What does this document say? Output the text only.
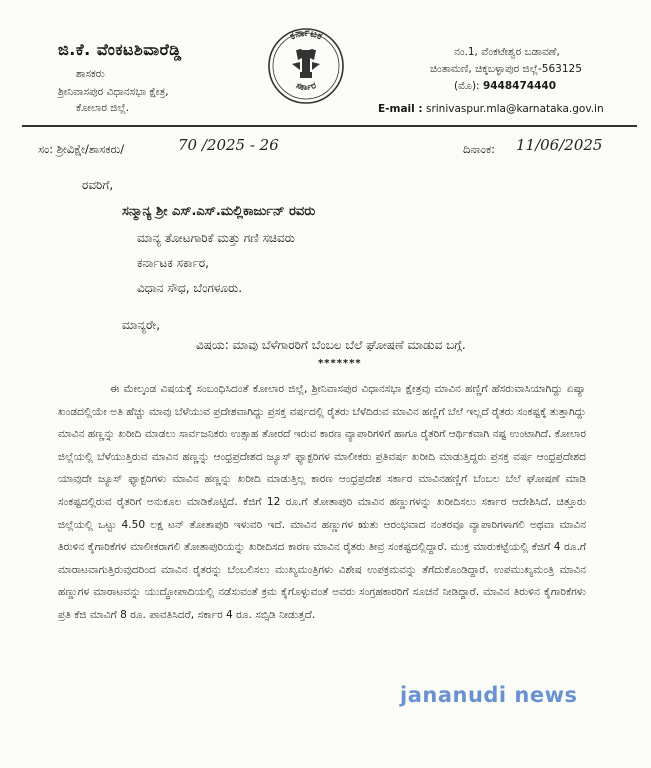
ಜಿ.ಕೆ. ವೆಂಕಟಶಿವಾರೆಡ್ಡಿ
ಶಾಸಕರು
ಶ್ರೀನಿವಾಸಪುರ ವಿಧಾನಸಭಾ ಕ್ಷೇತ್ರ,
ಕೋಲಾರ ಜಿಲ್ಲೆ.
ಕರ್ನಾಟಕ
ಸರ್ಕಾರ
ನಂ.1, ವೆಂಕಟೇಶ್ವರ ಬಡಾವಣೆ,
ಚಿಂತಾಮಣಿ, ಚಿಕ್ಕಬಳ್ಳಾಪುರ ಜಿಲ್ಲೆ-563125
(ಮೊ): 9448474440
E-mail : srinivaspur.mla@karnataka.gov.in
ಸಂ: ಶ್ರೀವಿಕ್ಷೇ/ಶಾಸಕರು/	70 /2025 - 26	ದಿನಾಂಕ: 11/06/2025
ರವರಿಗೆ,
ಸನ್ಮಾನ್ಯ ಶ್ರೀ ಎಸ್.ಎಸ್.ಮಲ್ಲಿಕಾರ್ಜುನ್ ರವರು
ಮಾನ್ಯ ತೋಟಗಾರಿಕೆ ಮತ್ತು ಗಣಿ ಸಚಿವರು
ಕರ್ನಾಟಕ ಸರ್ಕಾರ,
ವಿಧಾನ ಸೌಧ, ಬೆಂಗಳೂರು.
ಮಾನ್ಯರೇ,
ವಿಷಯ: ಮಾವು ಬೆಳೆಗಾರರಿಗೆ ಬೆಂಬಲ ಬೆಲೆ ಘೋಷಣೆ ಮಾಡುವ ಬಗ್ಗೆ.
*******
ಈ ಮೇಲ್ಕಂಡ ವಿಷಯಕ್ಕೆ ಸಂಬಂಧಿಸಿದಂತೆ ಕೋಲಾರ ಜಿಲ್ಲೆ, ಶ್ರೀನಿವಾಸಪುರ ವಿಧಾನಸಭಾ ಕ್ಷೇತ್ರವು ಮಾವಿನ ಹಣ್ಣಿಗೆ ಹೆಸರುವಾಸಿಯಾಗಿದ್ದು ಏಷ್ಯಾ ಖಂಡದಲ್ಲಿಯೇ ಅತಿ ಹೆಚ್ಚು ಮಾವು ಬೆಳೆಯುವ ಪ್ರದೇಶವಾಗಿದ್ದು ಪ್ರಸಕ್ತ ವರ್ಷದಲ್ಲಿ ರೈತರು ಬೆಳೆದಿರುವ ಮಾವಿನ ಹಣ್ಣಿಗೆ ಬೆಲೆ ಇಲ್ಲದೆ ರೈತರು ಸಂಕಷ್ಟಕ್ಕೆ ತುತ್ತಾಗಿದ್ದು ಮಾವಿನ ಹಣ್ಣನ್ನು ಖರೀದಿ ಮಾಡಲು ಸಾರ್ವಜನಿಕರು ಉತ್ಸಾಹ ತೋರದೆ ಇರುವ ಕಾರಣ ವ್ಯಾಪಾರಿಗಳಿಗೆ ಹಾಗೂ ರೈತರಿಗೆ ಆರ್ಥಿಕವಾಗಿ ನಷ್ಟ ಉಂಟಾಗಿದೆ. ಕೋಲಾರ ಜಿಲ್ಲೆಯಲ್ಲಿ ಬೆಳೆಯುತ್ತಿರುವ ಮಾವಿನ ಹಣ್ಣನ್ನು ಆಂಧ್ರಪ್ರದೇಶದ ಜ್ಯೂಸ್ ಫ್ಯಾಕ್ಟರಿಗಳ ಮಾಲೀಕರು ಪ್ರತಿವರ್ಷ ಖರೀದಿ ಮಾಡುತ್ತಿದ್ದರು ಪ್ರಸಕ್ತ ವರ್ಷ ಆಂಧ್ರಪ್ರದೇಶದ ಯಾವುದೇ ಜ್ಯೂಸ್ ಫ್ಯಾಕ್ಟರಿಗಳು ಮಾವಿನ ಹಣ್ಣನ್ನು ಖರೀದಿ ಮಾಡುತ್ತಿಲ್ಲ ಕಾರಣ ಆಂಧ್ರಪ್ರದೇಶ ಸರ್ಕಾರ ಮಾವಿನಹಣ್ಣಿಗೆ ಬೆಂಬಲ ಬೆಲೆ ಘೋಷಣೆ ಮಾಡಿ ಸಂಕಷ್ಟದಲ್ಲಿರುವ ರೈತರಿಗೆ ಅನುಕೂಲ ಮಾಡಿಕೊಟ್ಟಿದೆ. ಕೆಜಿಗೆ 12 ರೂ.ಗೆ ತೋತಾಪುರಿ ಮಾವಿನ ಹಣ್ಣುಗಳನ್ನು ಖರೀದಿಸಲು ಸರ್ಕಾರ ಆದೇಶಿಸಿದೆ. ಚಿತ್ತೂರು ಜಿಲ್ಲೆಯಲ್ಲಿ ಒಟ್ಟು 4.50 ಲಕ್ಷ ಟನ್ ತೋತಾಪುರಿ ಇಳುವರಿ ಇದೆ. ಮಾವಿನ ಹಣ್ಣುಗಳ ಋತು ಆರಂಭವಾದ ನಂತರವೂ ವ್ಯಾಪಾರಿಗಳಾಗಲಿ ಅಥವಾ ಮಾವಿನ ತಿರುಳಿನ ಕೈಗಾರಿಕೆಗಳ ಮಾಲೀಕರಾಗಲಿ ತೋತಾಪುರಿಯನ್ನು ಖರೀದಿಸದ ಕಾರಣ ಮಾವಿನ ರೈತರು ತೀವ್ರ ಸಂಕಷ್ಟದಲ್ಲಿದ್ದಾರೆ. ಮುಕ್ತ ಮಾರುಕಟ್ಟೆಯಲ್ಲಿ ಕೆಜಿಗೆ 4 ರೂ.ಗೆ ಮಾರಾಟವಾಗುತ್ತಿರುವುದರಿಂದ ಮಾವಿನ ರೈತರನ್ನು ಬೆಂಬಲಿಸಲು ಮುಖ್ಯಮಂತ್ರಿಗಳು ವಿಶೇಷ ಉಪಕ್ರಮವನ್ನು ತೆಗೆದುಕೊಂಡಿದ್ದಾರೆ. ಉಪಮುಖ್ಯಮಂತ್ರಿ ಮಾವಿನ ಹಣ್ಣುಗಳ ಮಾರಾಟವನ್ನು ಯುದ್ಧೋಪಾದಿಯಲ್ಲಿ ನಡೆಸುವಂತೆ ಕ್ರಮ ಕೈಗೊಳ್ಳುವಂತೆ ಅವರು ಸಂಗ್ರಹಕಾರರಿಗೆ ಸೂಚನೆ ನೀಡಿದ್ದಾರೆ. ಮಾವಿನ ತಿರುಳಿನ ಕೈಗಾರಿಕೆಗಳು ಪ್ರತಿ ಕೆಜಿ ಮಾವಿಗೆ 8 ರೂ. ಪಾವತಿಸಿದರೆ, ಸರ್ಕಾರ 4 ರೂ. ಸಬ್ಸಿಡಿ ನೀಡುತ್ತದೆ.
jananudi news
